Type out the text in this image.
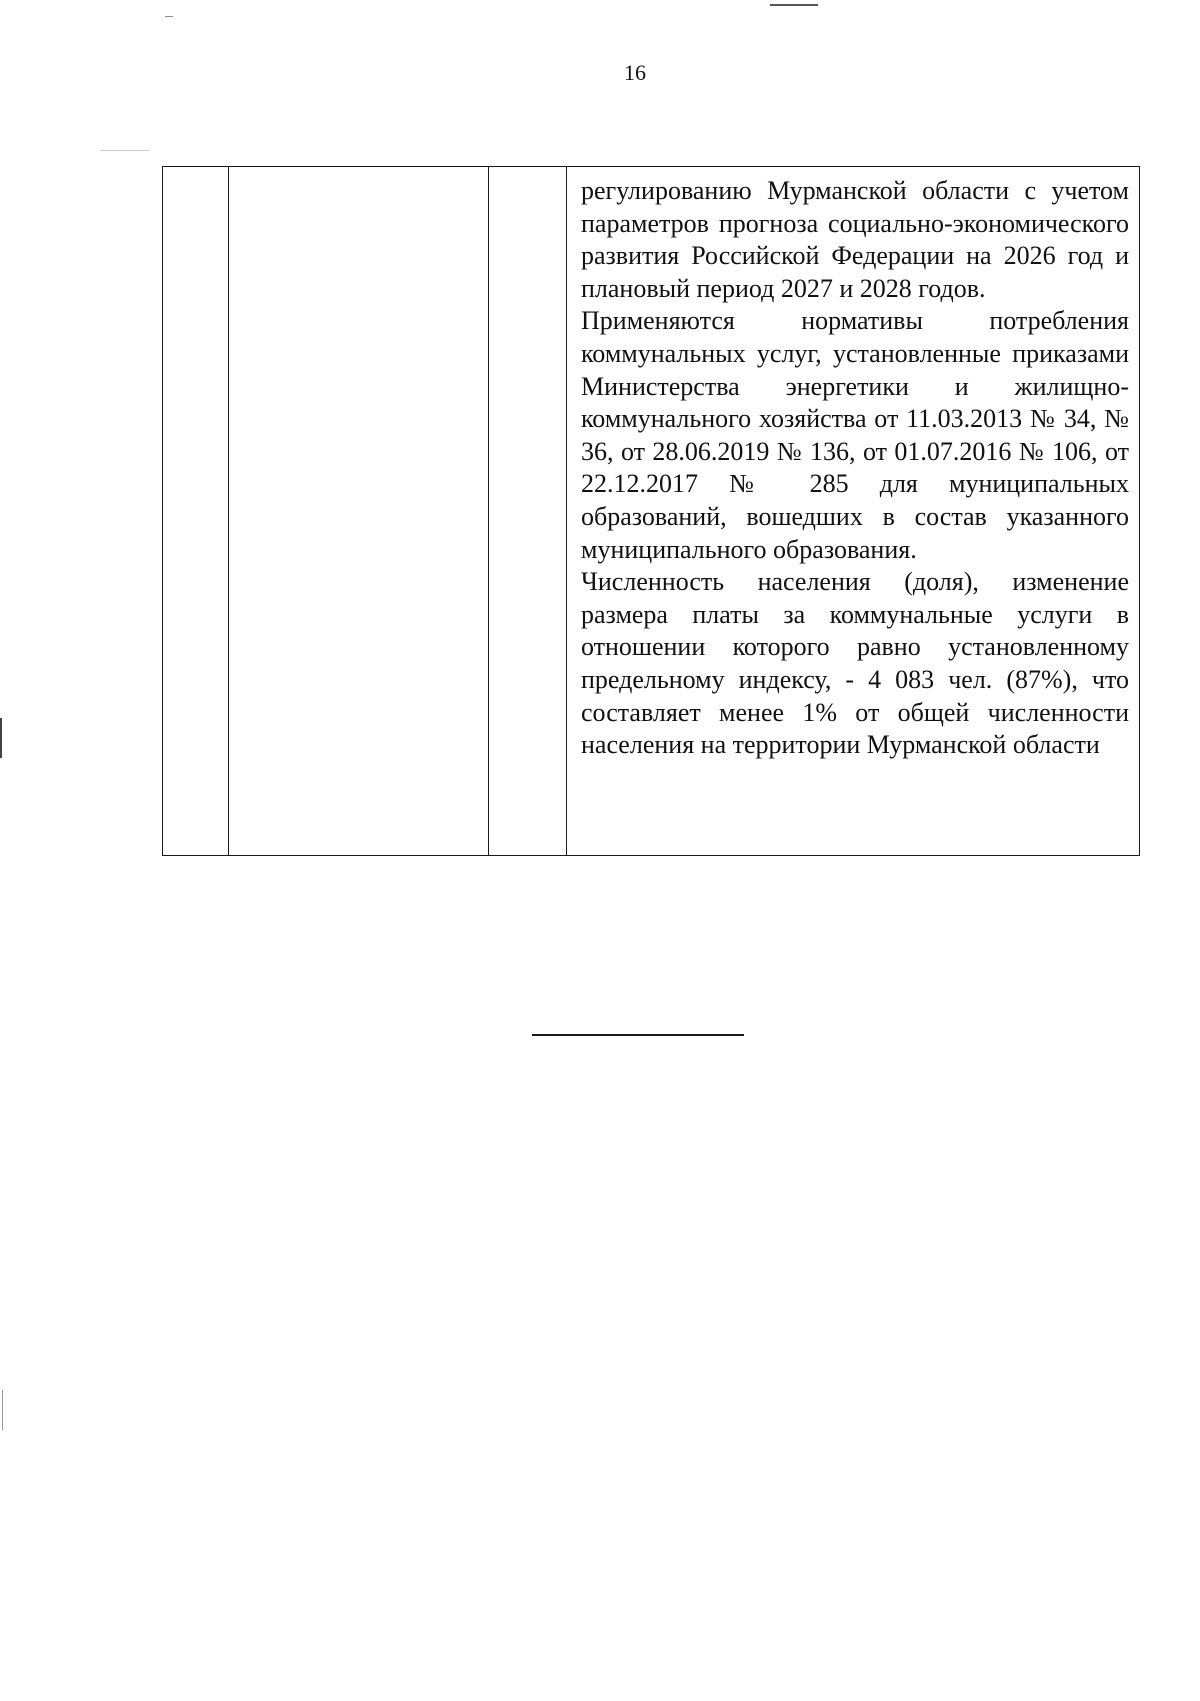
16

регулированию Мурманской области с учетом параметров прогноза социально-экономического развития Российской Федерации на 2026 год и плановый период 2027 и 2028 годов.

Применяются нормативы потребления коммунальных услуг, установленные приказами Министерства энергетики и жилищно-коммунального хозяйства от 11.03.2013 № 34, № 36, от 28.06.2019 № 136, от 01.07.2016 № 106, от 22.12.2017 № 285 для муниципальных образований, вошедших в состав указанного муниципального образования.

Численность населения (доля), изменение размера платы за коммунальные услуги в отношении которого равно установленному предельному индексу, - 4 083 чел. (87%), что составляет менее 1% от общей численности населения на территории Мурманской области
